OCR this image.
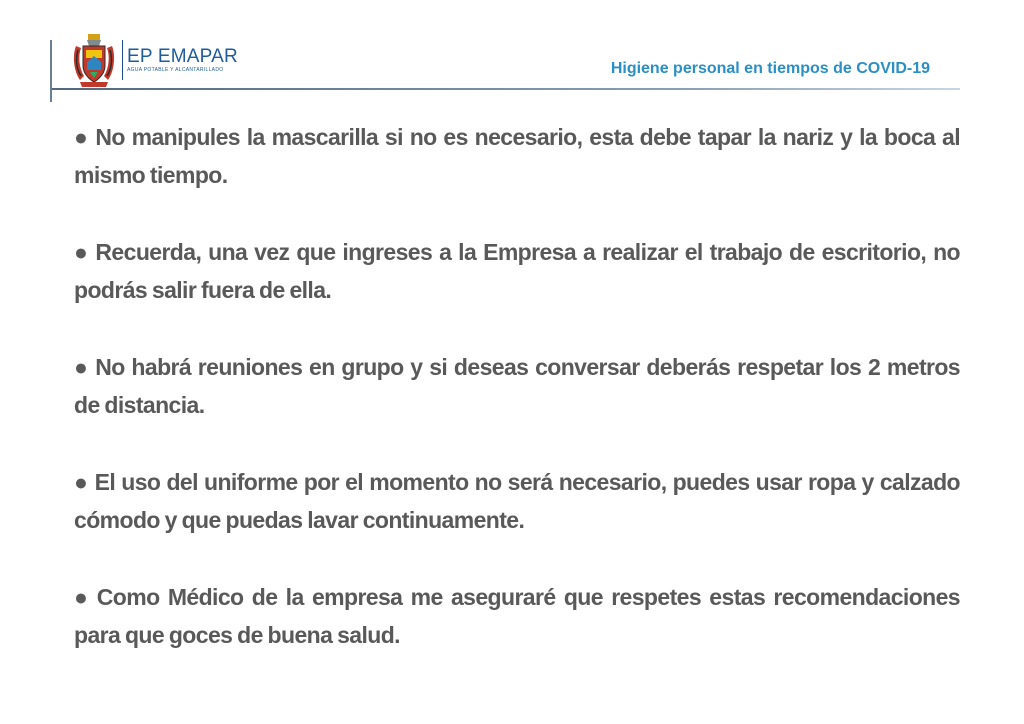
EP EMAPAR
AGUA POTABLE Y ALCANTARILLADO	Higiene personal en tiempos de COVID-19
● No manipules la mascarilla si no es necesario, esta debe tapar la nariz y la boca al mismo tiempo.
● Recuerda, una vez que ingreses a la Empresa a realizar el trabajo de escritorio, no podrás salir fuera de ella.
● No habrá reuniones en grupo y si deseas conversar deberás respetar los 2 metros de distancia.
● El uso del uniforme por el momento no será necesario, puedes usar ropa y calzado cómodo y que puedas lavar continuamente.
● Como Médico de la empresa me aseguraré que respetes estas recomendaciones para que goces de buena salud.
